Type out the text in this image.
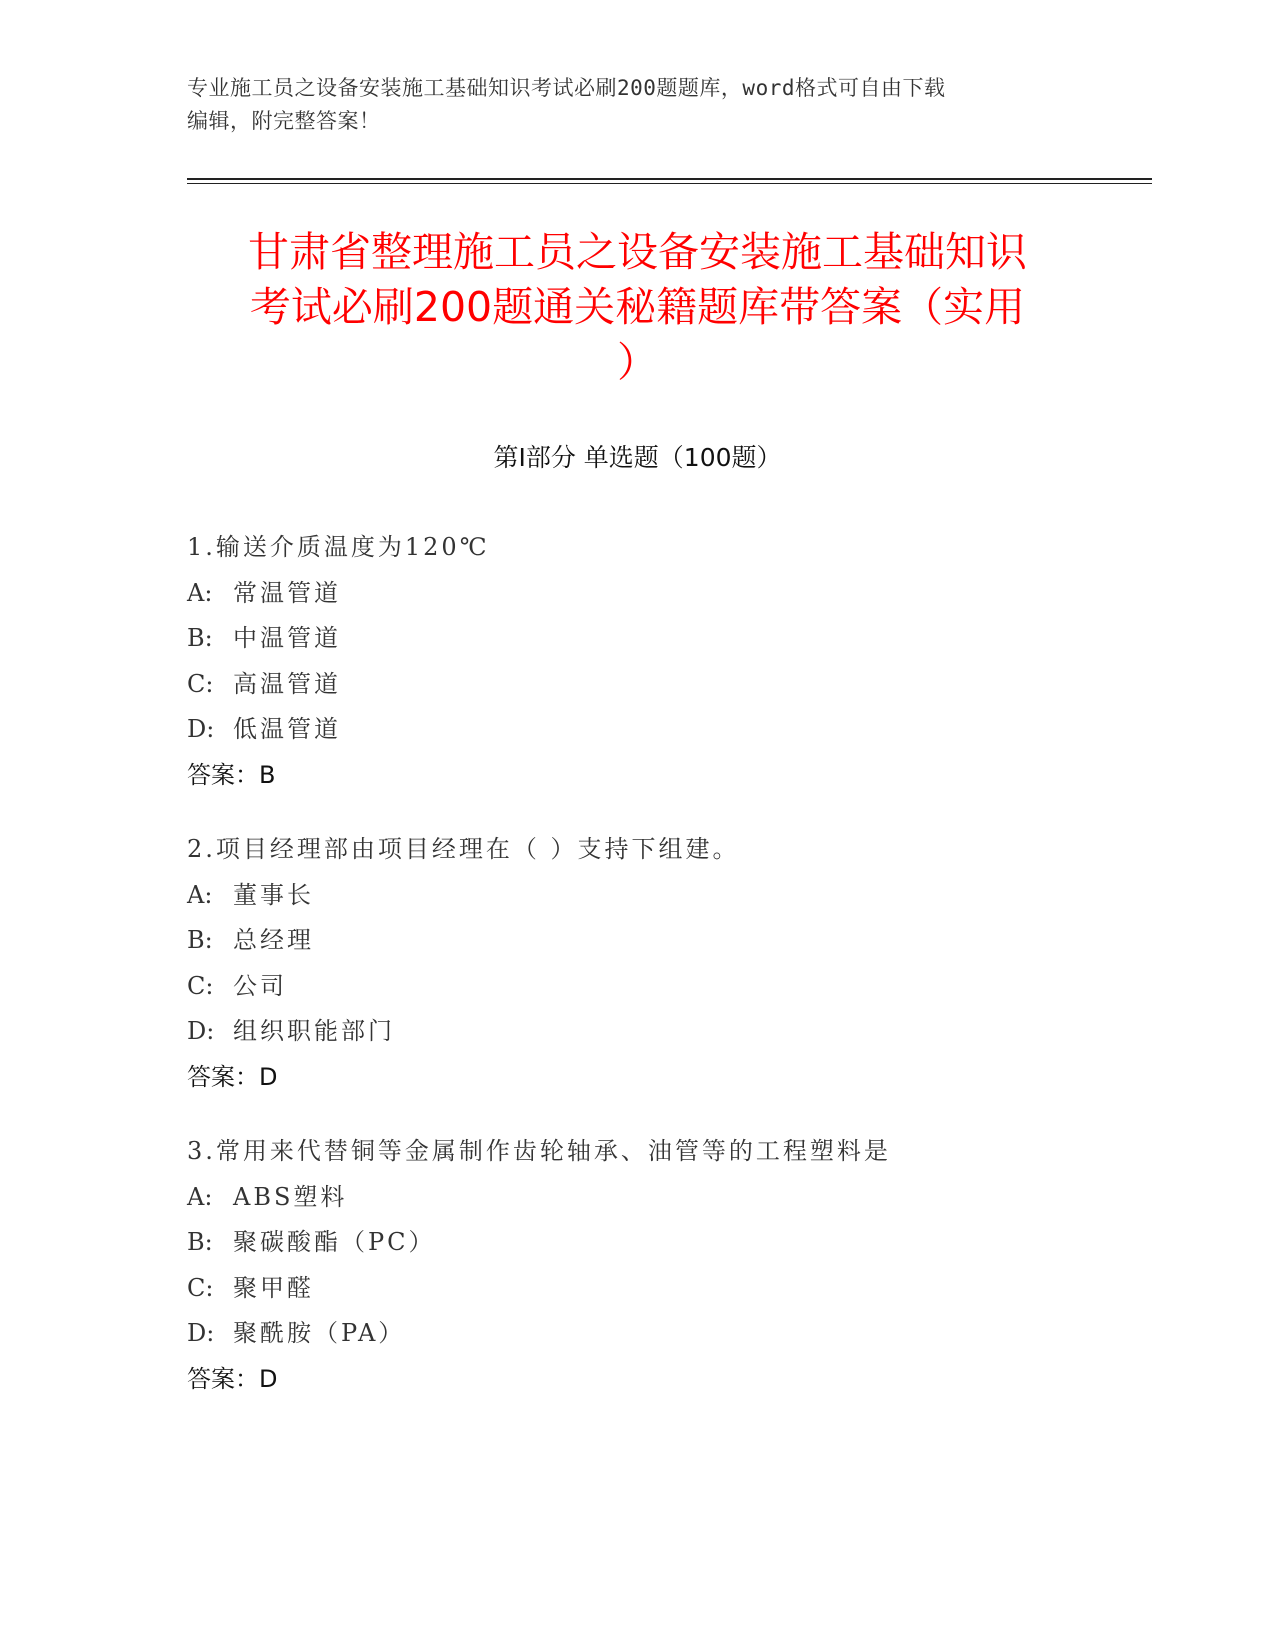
专业施工员之设备安装施工基础知识考试必刷200题题库，word格式可自由下载
编辑，附完整答案！
甘肃省整理施工员之设备安装施工基础知识
考试必刷200题通关秘籍题库带答案（实用
）
第Ⅰ部分 单选题（100题）
1.输送介质温度为120℃
A: 常温管道
B: 中温管道
C: 高温管道
D: 低温管道
答案：B
2.项目经理部由项目经理在（ ）支持下组建。
A: 董事长
B: 总经理
C: 公司
D: 组织职能部门
答案：D
3.常用来代替铜等金属制作齿轮轴承、油管等的工程塑料是
A: ABS塑料
B: 聚碳酸酯（PC）
C: 聚甲醛
D: 聚酰胺（PA）
答案：D
